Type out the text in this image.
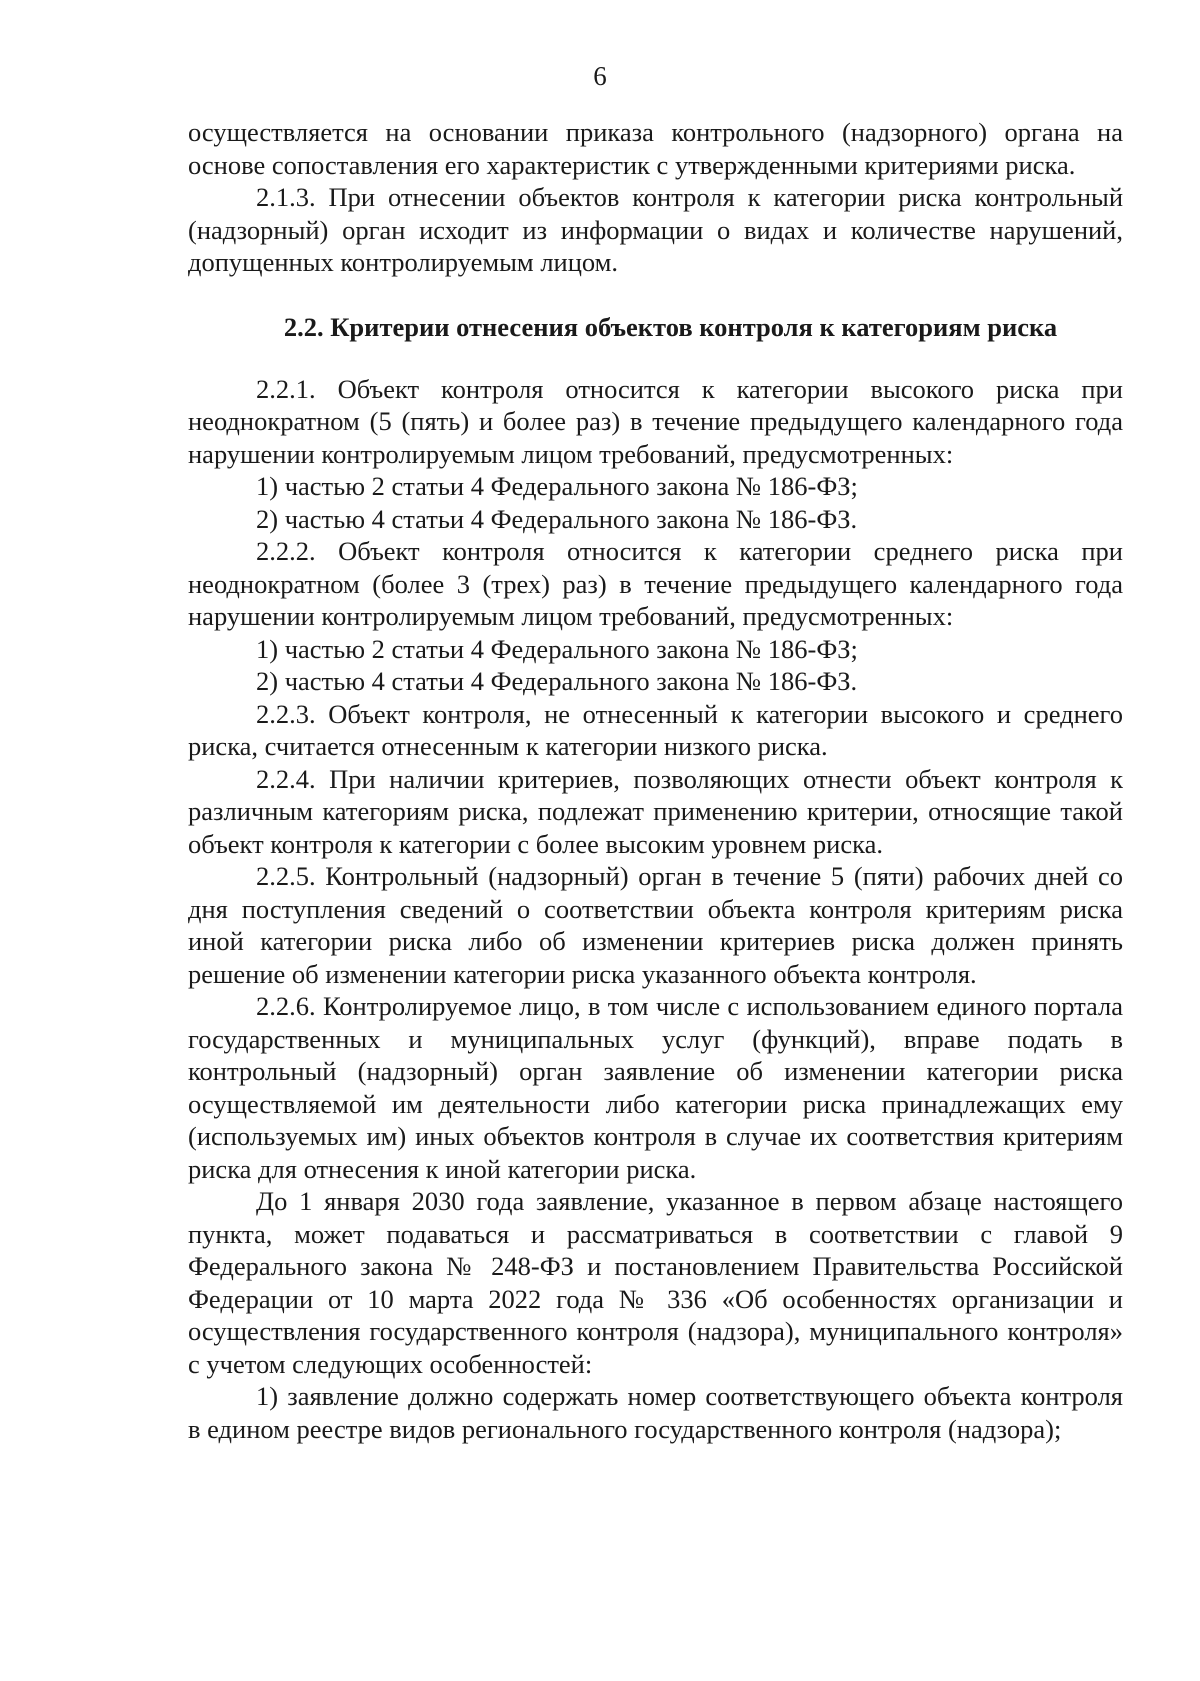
6

осуществляется на основании приказа контрольного (надзорного) органа на основе сопоставления его характеристик с утвержденными критериями риска.

2.1.3. При отнесении объектов контроля к категории риска контрольный (надзорный) орган исходит из информации о видах и количестве нарушений, допущенных контролируемым лицом.

2.2. Критерии отнесения объектов контроля к категориям риска

2.2.1. Объект контроля относится к категории высокого риска при неоднократном (5 (пять) и более раз) в течение предыдущего календарного года нарушении контролируемым лицом требований, предусмотренных:

1) частью 2 статьи 4 Федерального закона № 186-ФЗ;

2) частью 4 статьи 4 Федерального закона № 186-ФЗ.

2.2.2. Объект контроля относится к категории среднего риска при неоднократном (более 3 (трех) раз) в течение предыдущего календарного года нарушении контролируемым лицом требований, предусмотренных:

1) частью 2 статьи 4 Федерального закона № 186-ФЗ;

2) частью 4 статьи 4 Федерального закона № 186-ФЗ.

2.2.3. Объект контроля, не отнесенный к категории высокого и среднего риска, считается отнесенным к категории низкого риска.

2.2.4. При наличии критериев, позволяющих отнести объект контроля к различным категориям риска, подлежат применению критерии, относящие такой объект контроля к категории с более высоким уровнем риска.

2.2.5. Контрольный (надзорный) орган в течение 5 (пяти) рабочих дней со дня поступления сведений о соответствии объекта контроля критериям риска иной категории риска либо об изменении критериев риска должен принять решение об изменении категории риска указанного объекта контроля.

2.2.6. Контролируемое лицо, в том числе с использованием единого портала государственных и муниципальных услуг (функций), вправе подать в контрольный (надзорный) орган заявление об изменении категории риска осуществляемой им деятельности либо категории риска принадлежащих ему (используемых им) иных объектов контроля в случае их соответствия критериям риска для отнесения к иной категории риска.

До 1 января 2030 года заявление, указанное в первом абзаце настоящего пункта, может подаваться и рассматриваться в соответствии с главой 9 Федерального закона № 248-ФЗ и постановлением Правительства Российской Федерации от 10 марта 2022 года № 336 «Об особенностях организации и осуществления государственного контроля (надзора), муниципального контроля» с учетом следующих особенностей:

1) заявление должно содержать номер соответствующего объекта контроля в едином реестре видов регионального государственного контроля (надзора);
